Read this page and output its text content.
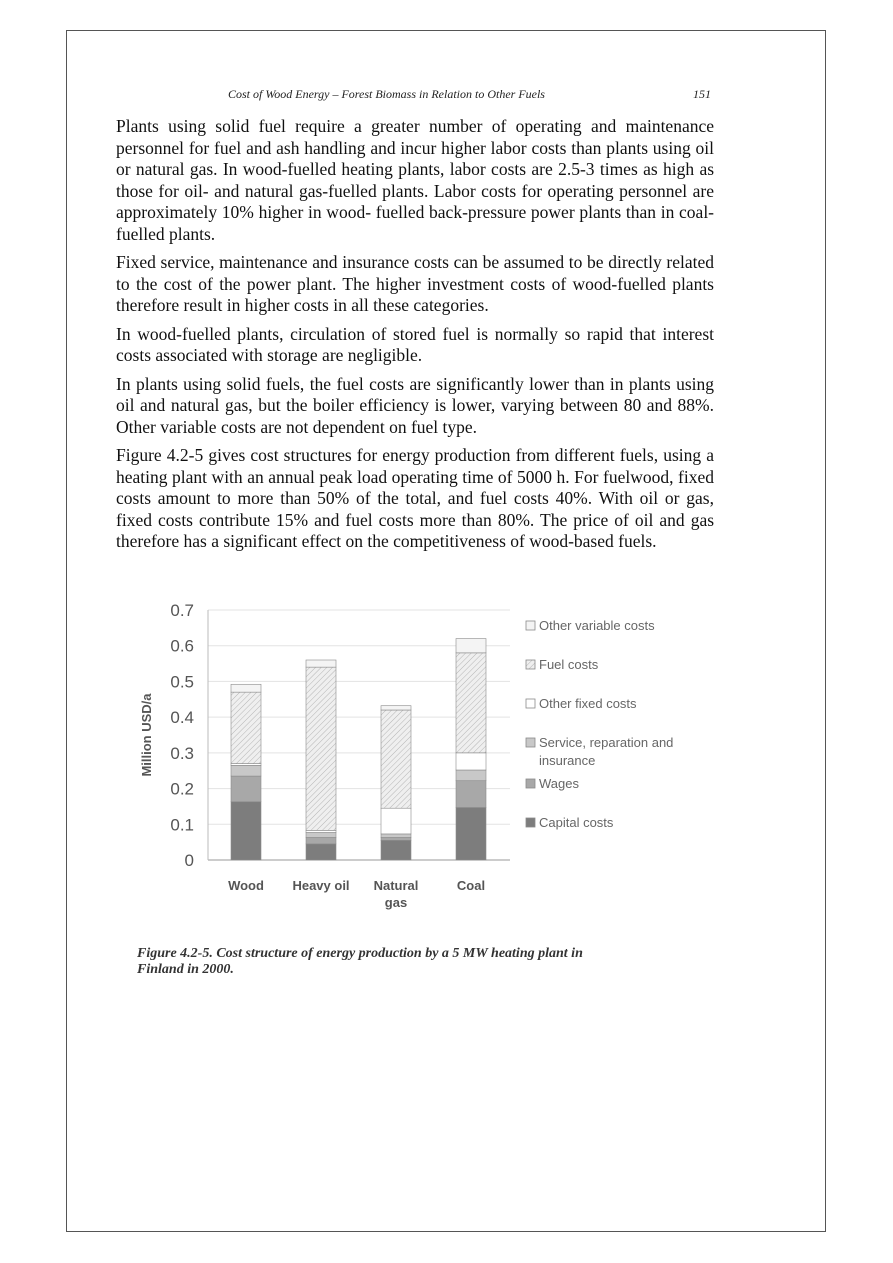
Cost of Wood Energy – Forest Biomass in Relation to Other Fuels	151

Plants using solid fuel require a greater number of operating and maintenance personnel for fuel and ash handling and incur higher labor costs than plants using oil or natural gas. In wood-fuelled heating plants, labor costs are 2.5-3 times as high as those for oil- and natural gas-fuelled plants. Labor costs for operating personnel are approximately 10% higher in wood- fuelled back-pressure power plants than in coal-fuelled plants.

Fixed service, maintenance and insurance costs can be assumed to be directly related to the cost of the power plant. The higher investment costs of wood-fuelled plants therefore result in higher costs in all these categories.

In wood-fuelled plants, circulation of stored fuel is normally so rapid that interest costs associated with storage are negligible.

In plants using solid fuels, the fuel costs are significantly lower than in plants using oil and natural gas, but the boiler efficiency is lower, varying between 80 and 88%. Other variable costs are not dependent on fuel type.

Figure 4.2-5 gives cost structures for energy production from different fuels, using a heating plant with an annual peak load operating time of 5000 h. For fuelwood, fixed costs amount to more than 50% of the total, and fuel costs 40%. With oil or gas, fixed costs contribute 15% and fuel costs more than 80%. The price of oil and gas therefore has a significant effect on the competitiveness of wood-based fuels.

0
0.1
0.2
0.3
0.4
0.5
0.6
0.7
Million USD/a
Wood Heavy oil Natural
gas
Coal
Other variable costs
Fuel costs
Other fixed costs
Service, reparation and
insurance
Wages
Capital costs
Figure 4.2-5. Cost structure of energy production by a 5 MW heating plant in
Finland in 2000.
